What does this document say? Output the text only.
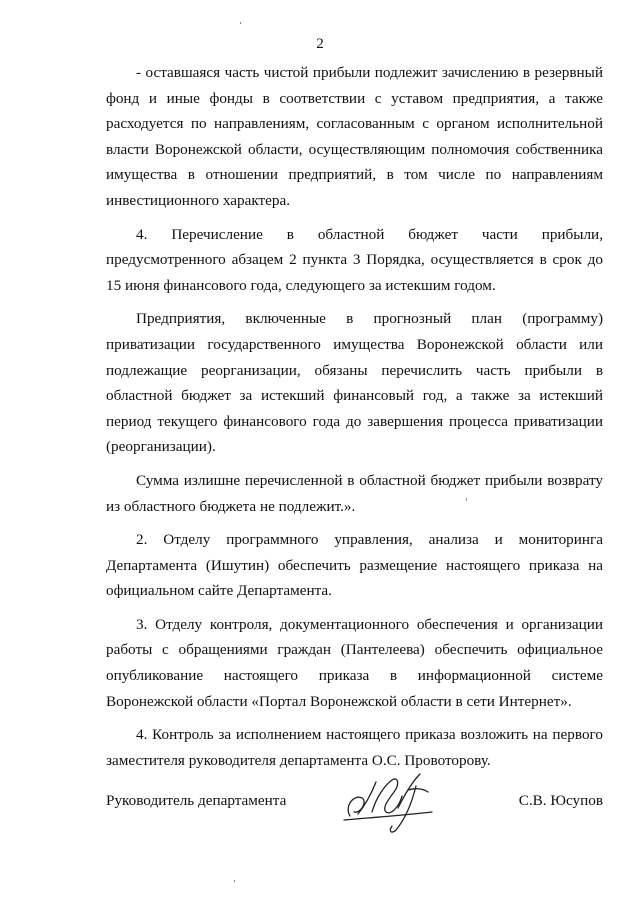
2

- оставшаяся часть чистой прибыли подлежит зачислению в резервный фонд и иные фонды в соответствии с уставом предприятия, а также расходуется по направлениям, согласованным с органом исполнительной власти Воронежской области, осуществляющим полномочия собственника имущества в отношении предприятий, в том числе по направлениям инвестиционного характера.

4. Перечисление в областной бюджет части прибыли, предусмотренного абзацем 2 пункта 3 Порядка, осуществляется в срок до 15 июня финансового года, следующего за истекшим годом.

Предприятия, включенные в прогнозный план (программу) приватизации государственного имущества Воронежской области или подлежащие реорганизации, обязаны перечислить часть прибыли в областной бюджет за истекший финансовый год, а также за истекший период текущего финансового года до завершения процесса приватизации (реорганизации).

Сумма излишне перечисленной в областной бюджет прибыли возврату из областного бюджета не подлежит.».

2. Отделу программного управления, анализа и мониторинга Департамента (Ишутин) обеспечить размещение настоящего приказа на официальном сайте Департамента.

3. Отделу контроля, документационного обеспечения и организации работы с обращениями граждан (Пантелеева) обеспечить официальное опубликование настоящего приказа в информационной системе Воронежской области «Портал Воронежской области в сети Интернет».

4. Контроль за исполнением настоящего приказа возложить на первого заместителя руководителя департамента О.С. Провоторову.

Руководитель департамента	С.В. Юсупов
